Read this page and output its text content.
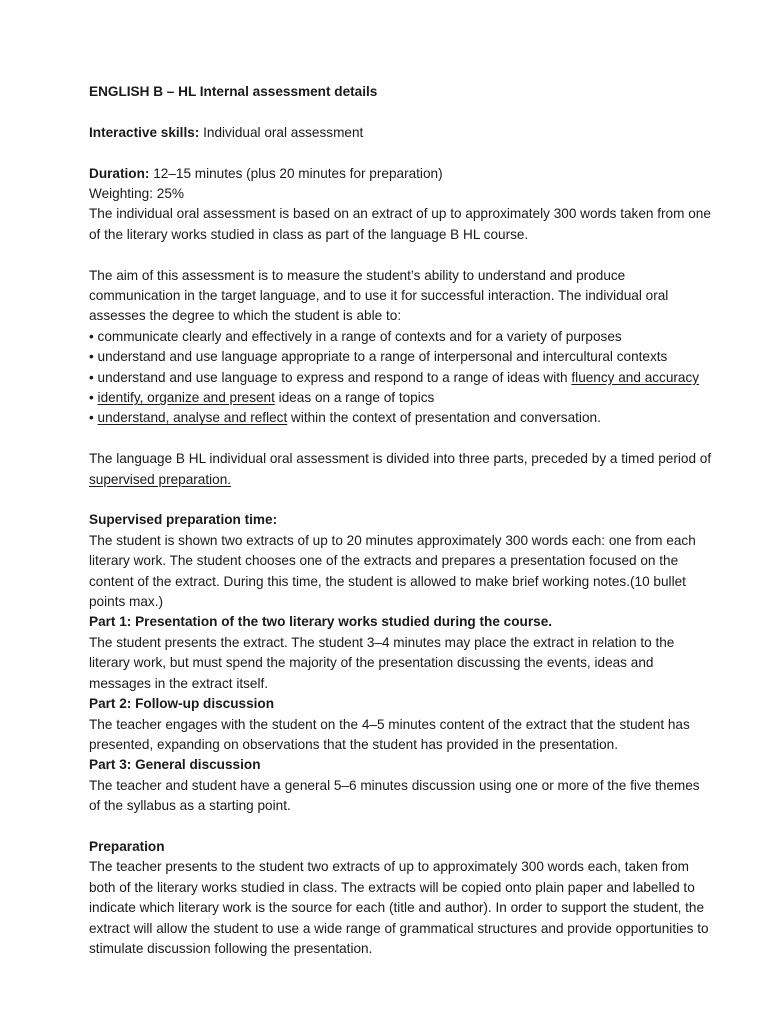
ENGLISH B – HL Internal assessment details

Interactive skills: Individual oral assessment

Duration: 12–15 minutes (plus 20 minutes for preparation)

Weighting: 25%

The individual oral assessment is based on an extract of up to approximately 300 words taken from one of the literary works studied in class as part of the language B HL course.

The aim of this assessment is to measure the student’s ability to understand and produce communication in the target language, and to use it for successful interaction. The individual oral assesses the degree to which the student is able to:

• communicate clearly and effectively in a range of contexts and for a variety of purposes

• understand and use language appropriate to a range of interpersonal and intercultural contexts

• understand and use language to express and respond to a range of ideas with fluency and accuracy

• identify, organize and present ideas on a range of topics

• understand, analyse and reflect within the context of presentation and conversation.

The language B HL individual oral assessment is divided into three parts, preceded by a timed period of supervised preparation.

Supervised preparation time:

The student is shown two extracts of up to 20 minutes approximately 300 words each: one from each literary work. The student chooses one of the extracts and prepares a presentation focused on the content of the extract. During this time, the student is allowed to make brief working notes.(10 bullet points max.)

Part 1: Presentation of the two literary works studied during the course.

The student presents the extract. The student 3–4 minutes may place the extract in relation to the literary work, but must spend the majority of the presentation discussing the events, ideas and messages in the extract itself.

Part 2: Follow-up discussion

The teacher engages with the student on the 4–5 minutes content of the extract that the student has presented, expanding on observations that the student has provided in the presentation.

Part 3: General discussion

The teacher and student have a general 5–6 minutes discussion using one or more of the five themes of the syllabus as a starting point.

Preparation

The teacher presents to the student two extracts of up to approximately 300 words each, taken from both of the literary works studied in class. The extracts will be copied onto plain paper and labelled to indicate which literary work is the source for each (title and author). In order to support the student, the extract will allow the student to use a wide range of grammatical structures and provide opportunities to stimulate discussion following the presentation.
